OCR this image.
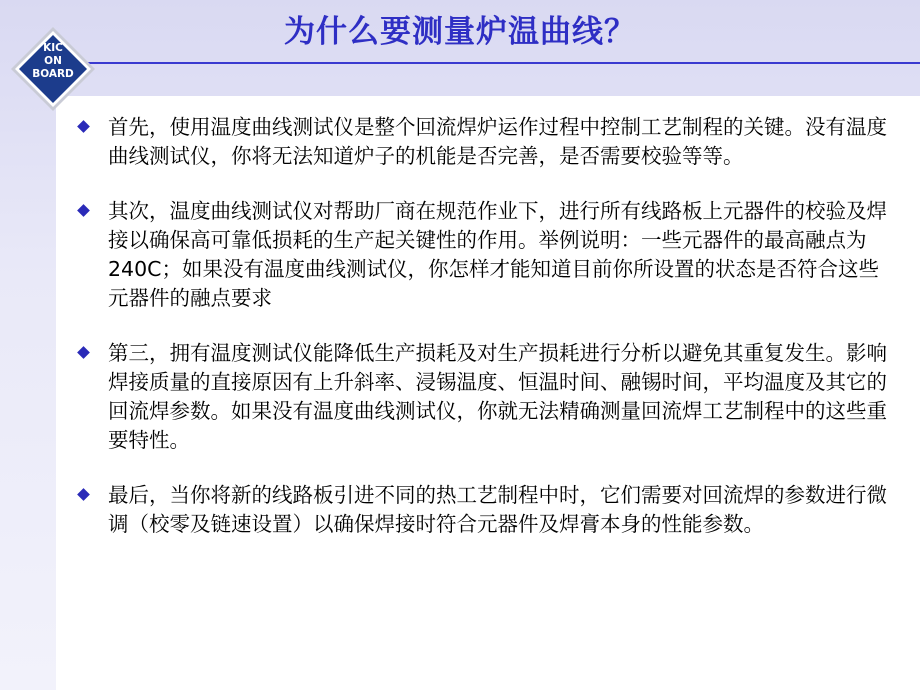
KIC
ON
BOARD
为什么要测量炉温曲线？
首先，使用温度曲线测试仪是整个回流焊炉运作过程中控制工艺制程的关键。没有温度曲线测试仪，你将无法知道炉子的机能是否完善，是否需要校验等等。
其次，温度曲线测试仪对帮助厂商在规范作业下，进行所有线路板上元器件的校验及焊接以确保高可靠低损耗的生产起关键性的作用。举例说明：一些元器件的最高融点为240C；如果没有温度曲线测试仪，你怎样才能知道目前你所设置的状态是否符合这些元器件的融点要求
第三，拥有温度测试仪能降低生产损耗及对生产损耗进行分析以避免其重复发生。影响焊接质量的直接原因有上升斜率、浸锡温度、恒温时间、融锡时间，平均温度及其它的回流焊参数。如果没有温度曲线测试仪，你就无法精确测量回流焊工艺制程中的这些重要特性。
最后，当你将新的线路板引进不同的热工艺制程中时，它们需要对回流焊的参数进行微调（校零及链速设置）以确保焊接时符合元器件及焊膏本身的性能参数。
